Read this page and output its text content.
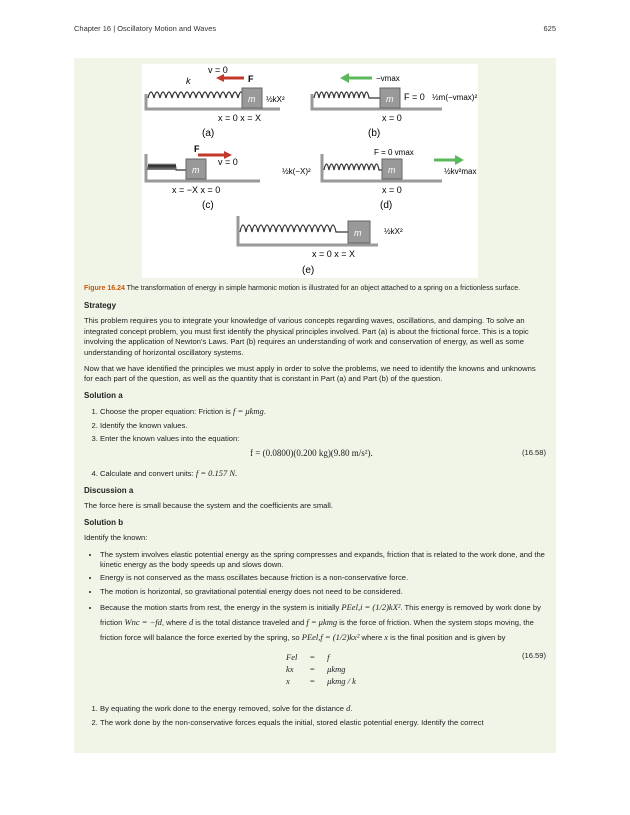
Chapter 16 | Oscillatory Motion and Waves	625
m
v = 0
F
k
½kX²
x = 0 x = X
(a)
m
−vmax
F = 0 ½m(−vmax)²
x = 0
(b)
m
F
v = 0
½k(−X)²
x = −X x = 0
(c)
m
F = 0 vmax
½kv²max
x = 0
(d)
m	½kX²
x = 0 x = X
(e)

Figure 16.24 The transformation of energy in simple harmonic motion is illustrated for an object attached to a spring on a frictionless surface.

Strategy

This problem requires you to integrate your knowledge of various concepts regarding waves, oscillations, and damping. To solve an integrated concept problem, you must first identify the physical principles involved. Part (a) is about the frictional force. This is a topic involving the application of Newton’s Laws. Part (b) requires an understanding of work and conservation of energy, as well as some understanding of horizontal oscillatory systems.

Now that we have identified the principles we must apply in order to solve the problems, we need to identify the knowns and unknowns for each part of the question, as well as the quantity that is constant in Part (a) and Part (b) of the question.

Solution a
1. Choose the proper equation: Friction is f = μkmg.
2. Identify the known values.
3. Enter the known values into the equation:
f = (0.0800)(0.200 kg)(9.80 m/s²).	(16.58)
4. Calculate and convert units: f = 0.157 N.
Discussion a

The force here is small because the system and the coefficients are small.

Solution b

Identify the known:

• The system involves elastic potential energy as the spring compresses and expands, friction that is related to the work done, and the kinetic energy as the body speeds up and slows down.
• Energy is not conserved as the mass oscillates because friction is a non-conservative force.
• The motion is horizontal, so gravitational potential energy does not need to be considered.
• Because the motion starts from rest, the energy in the system is initially PEel,i = (1/2)kX². This energy is removed by work done by friction Wnc = −fd, where d is the total distance traveled and f = μkmg is the force of friction. When the system stops moving, the friction force will balance the force exerted by the spring, so PEel,f = (1/2)kx² where x is the final position and is given by
Fel	=	f
kx	=	μkmg
x	=	μkmg / k
(16.59)
1. By equating the work done to the energy removed, solve for the distance d.
2. The work done by the non-conservative forces equals the initial, stored elastic potential energy. Identify the correct
